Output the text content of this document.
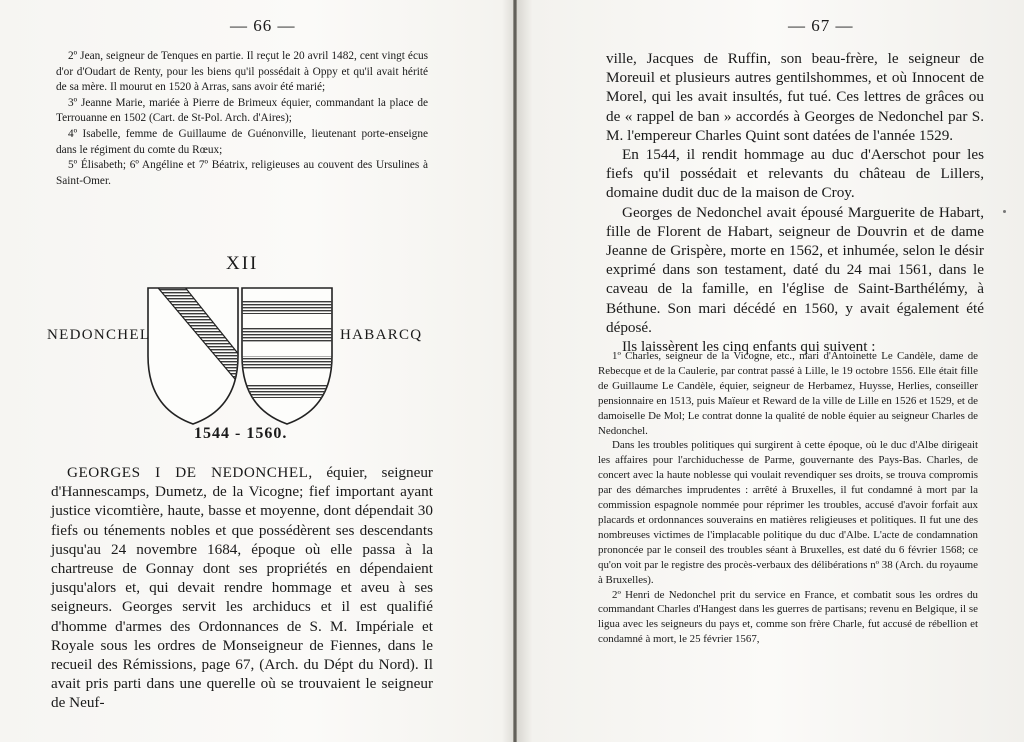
— 66 —

2º Jean, seigneur de Tenques en partie. Il reçut le 20 avril 1482, cent vingt écus d'or d'Oudart de Renty, pour les biens qu'il possédait à Oppy et qu'il avait hérité de sa mère. Il mourut en 1520 à Arras, sans avoir été marié;

3º Jeanne Marie, mariée à Pierre de Brimeux équier, commandant la place de Terrouanne en 1502 (Cart. de St-Pol. Arch. d'Aires);

4º Isabelle, femme de Guillaume de Guénonville, lieutenant porte-enseigne dans le régiment du comte du Rœux;

5º Élisabeth; 6º Angéline et 7º Béatrix, religieuses au couvent des Ursulines à Saint-Omer.

XII
NEDONCHEL	HABARCQ
1544 - 1560.

GEORGES I DE NEDONCHEL, équier, seigneur d'Hannescamps, Dumetz, de la Vicogne; fief important ayant justice vicomtière, haute, basse et moyenne, dont dépendait 30 fiefs ou ténements nobles et que possédèrent ses descendants jusqu'au 24 novembre 1684, époque où elle passa à la chartreuse de Gonnay dont ses propriétés en dépendaient jusqu'alors et, qui devait rendre hommage et aveu à ses seigneurs. Georges servit les archiducs et il est qualifié d'homme d'armes des Ordonnances de S. M. Impériale et Royale sous les ordres de Monseigneur de Fiennes, dans le recueil des Rémissions, page 67, (Arch. du Dépt du Nord). Il avait pris parti dans une querelle où se trouvaient le seigneur de Neuf-

— 67 —

ville, Jacques de Ruffin, son beau-frère, le seigneur de Moreuil et plusieurs autres gentilshommes, et où Innocent de Morel, qui les avait insultés, fut tué. Ces lettres de grâces ou de « rappel de ban » accordés à Georges de Nedonchel par S. M. l'empereur Charles Quint sont datées de l'année 1529.

En 1544, il rendit hommage au duc d'Aerschot pour les fiefs qu'il possédait et relevants du château de Lillers, domaine dudit duc de la maison de Croy.

Georges de Nedonchel avait épousé Marguerite de Habart, fille de Florent de Habart, seigneur de Douvrin et de dame Jeanne de Grispère, morte en 1562, et inhumée, selon le désir exprimé dans son testament, daté du 24 mai 1561, dans le caveau de la famille, en l'église de Saint-Barthélémy, à Béthune. Son mari décédé en 1560, y avait également été déposé.

Ils laissèrent les cinq enfants qui suivent :

1º Charles, seigneur de la Vicogne, etc., mari d'Antoinette Le Candèle, dame de Rebecque et de la Caulerie, par contrat passé à Lille, le 19 octobre 1556. Elle était fille de Guillaume Le Candèle, équier, seigneur de Herbamez, Huysse, Herlies, conseiller pensionnaire en 1513, puis Maïeur et Reward de la ville de Lille en 1526 et 1529, et de damoiselle De Mol; Le contrat donne la qualité de noble équier au seigneur Charles de Nedonchel.

Dans les troubles politiques qui surgirent à cette époque, où le duc d'Albe dirigeait les affaires pour l'archiduchesse de Parme, gouvernante des Pays-Bas. Charles, de concert avec la haute noblesse qui voulait revendiquer ses droits, se trouva compromis par des démarches imprudentes : arrêté à Bruxelles, il fut condamné à mort par la commission espagnole nommée pour réprimer les troubles, accusé d'avoir forfait aux placards et ordonnances souverains en matières religieuses et politiques. Il fut une des nombreuses victimes de l'implacable politique du duc d'Albe. L'acte de condamnation prononcée par le conseil des troubles séant à Bruxelles, est daté du 6 février 1568; ce qu'on voit par le registre des procès-verbaux des délibérations nº 38 (Arch. du royaume à Bruxelles).

2º Henri de Nedonchel prit du service en France, et combatit sous les ordres du commandant Charles d'Hangest dans les guerres de partisans; revenu en Belgique, il se ligua avec les seigneurs du pays et, comme son frère Charle, fut accusé de rébellion et condamné à mort, le 25 février 1567,
